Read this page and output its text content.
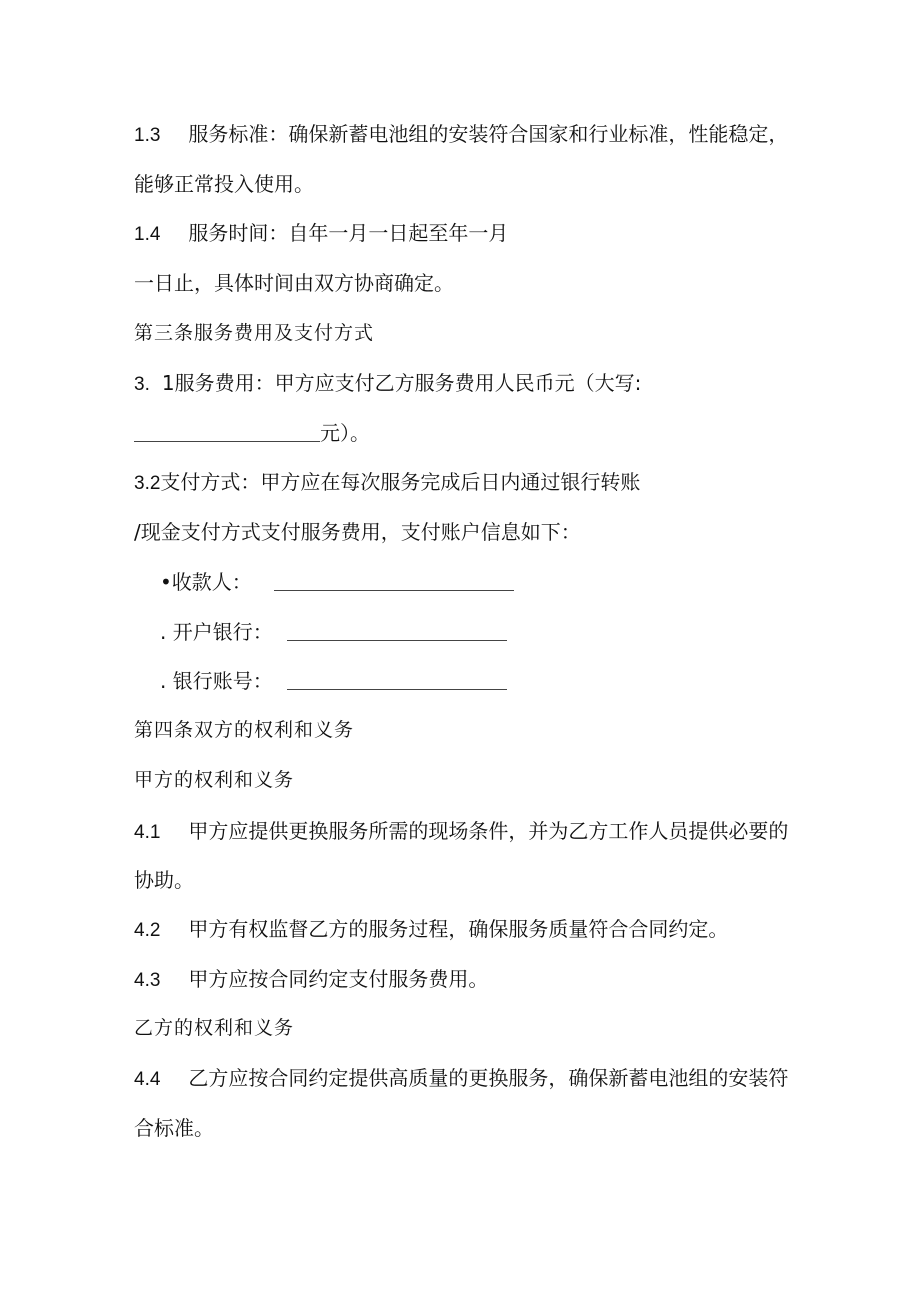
1.3 服务标准：确保新蓄电池组的安装符合国家和行业标准，性能稳定，
能够正常投入使用。
1.4 服务时间：自年一月一日起至年一月
一日止，具体时间由双方协商确定。
第三条服务费用及支付方式
3. 1服务费用：甲方应支付乙方服务费用人民币元（大写:
元）。
3.2支付方式：甲方应在每次服务完成后日内通过银行转账
/现金支付方式支付服务费用，支付账户信息如下：
•收款人：
. 开户银行：
. 银行账号：
第四条双方的权利和义务
甲方的权利和义务
4.1 甲方应提供更换服务所需的现场条件，并为乙方工作人员提供必要的
协助。
4.2 甲方有权监督乙方的服务过程，确保服务质量符合合同约定。
4.3 甲方应按合同约定支付服务费用。
乙方的权利和义务
4.4 乙方应按合同约定提供高质量的更换服务，确保新蓄电池组的安装符
合标准。
